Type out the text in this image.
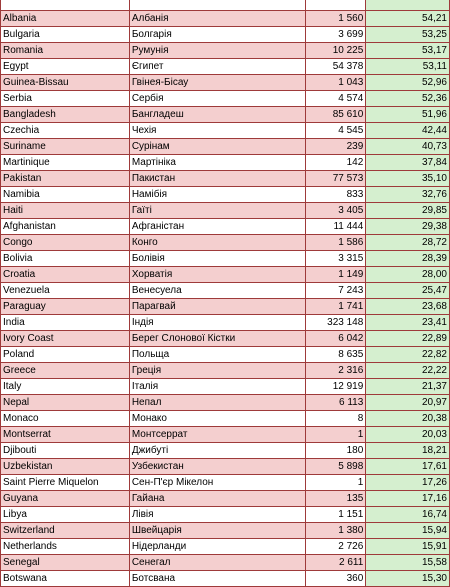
Albania	Албанія	1 560	54,21
Bulgaria	Болгарія	3 699	53,25
Romania	Румунія	10 225	53,17
Egypt	Єгипет	54 378	53,11
Guinea-Bissau	Гвінея-Бісау	1 043	52,96
Serbia	Сербія	4 574	52,36
Bangladesh	Бангладеш	85 610	51,96
Czechia	Чехія	4 545	42,44
Suriname	Сурінам	239	40,73
Martinique	Мартініка	142	37,84
Pakistan	Пакистан	77 573	35,10
Namibia	Намібія	833	32,76
Haiti	Гаїті	3 405	29,85
Afghanistan	Афганістан	11 444	29,38
Congo	Конго	1 586	28,72
Bolivia	Болівія	3 315	28,39
Croatia	Хорватія	1 149	28,00
Venezuela	Венесуела	7 243	25,47
Paraguay	Парагвай	1 741	23,68
India	Індія	323 148	23,41
Ivory Coast	Берег Слонової Кістки	6 042	22,89
Poland	Польща	8 635	22,82
Greece	Греція	2 316	22,22
Italy	Італія	12 919	21,37
Nepal	Непал	6 113	20,97
Monaco	Монако	8	20,38
Montserrat	Монтсеррат	1	20,03
Djibouti	Джибуті	180	18,21
Uzbekistan	Узбекистан	5 898	17,61
Saint Pierre Miquelon	Сен-П'єр Мікелон	1	17,26
Guyana	Гайана	135	17,16
Libya	Лівія	1 151	16,74
Switzerland	Швейцарія	1 380	15,94
Netherlands	Нідерланди	2 726	15,91
Senegal	Сенегал	2 611	15,58
Botswana	Ботсвана	360	15,30
